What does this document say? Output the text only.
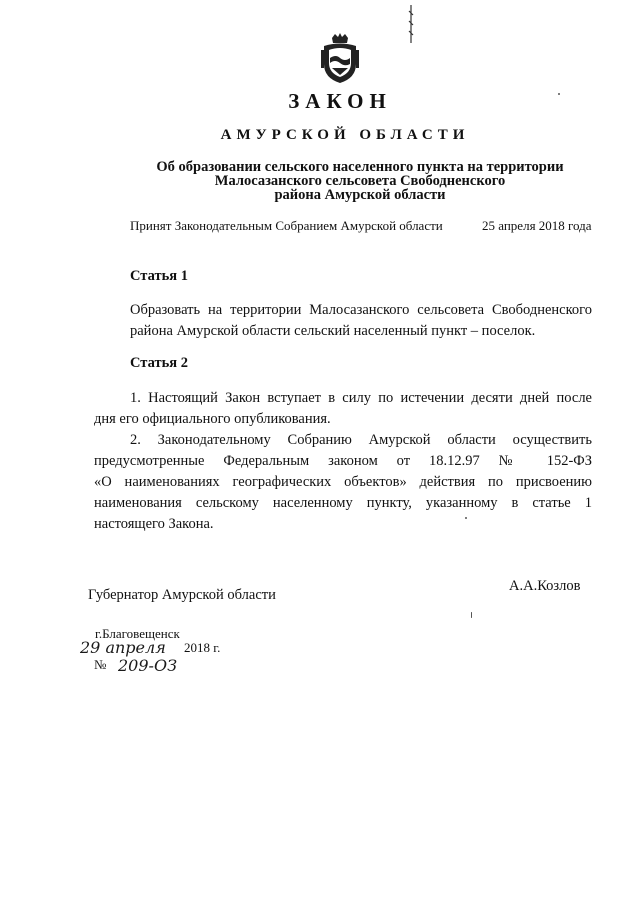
ЗАКОН
АМУРСКОЙ ОБЛАСТИ
Об образовании сельского населенного пункта на территории
Малосазанского сельсовета Свободненского
района Амурской области
Принят Законодательным Собранием Амурской области	25 апреля 2018 года
Статья 1
Образовать на территории Малосазанского сельсовета Свободненского
района Амурской области сельский населенный пункт – поселок.
Статья 2
1. Настоящий Закон вступает в силу по истечении десяти дней после
дня его официального опубликования.
2. Законодательному Собранию Амурской области осуществить
предусмотренные Федеральным законом от 18.12.97 № 152-ФЗ
«О наименованиях географических объектов» действия по присвоению
наименования сельскому населенному пункту, указанному в статье 1
настоящего Закона.
Губернатор Амурской области
А.А.Козлов
г.Благовещенск
29 апреля 2018 г.
№ 209-ОЗ
